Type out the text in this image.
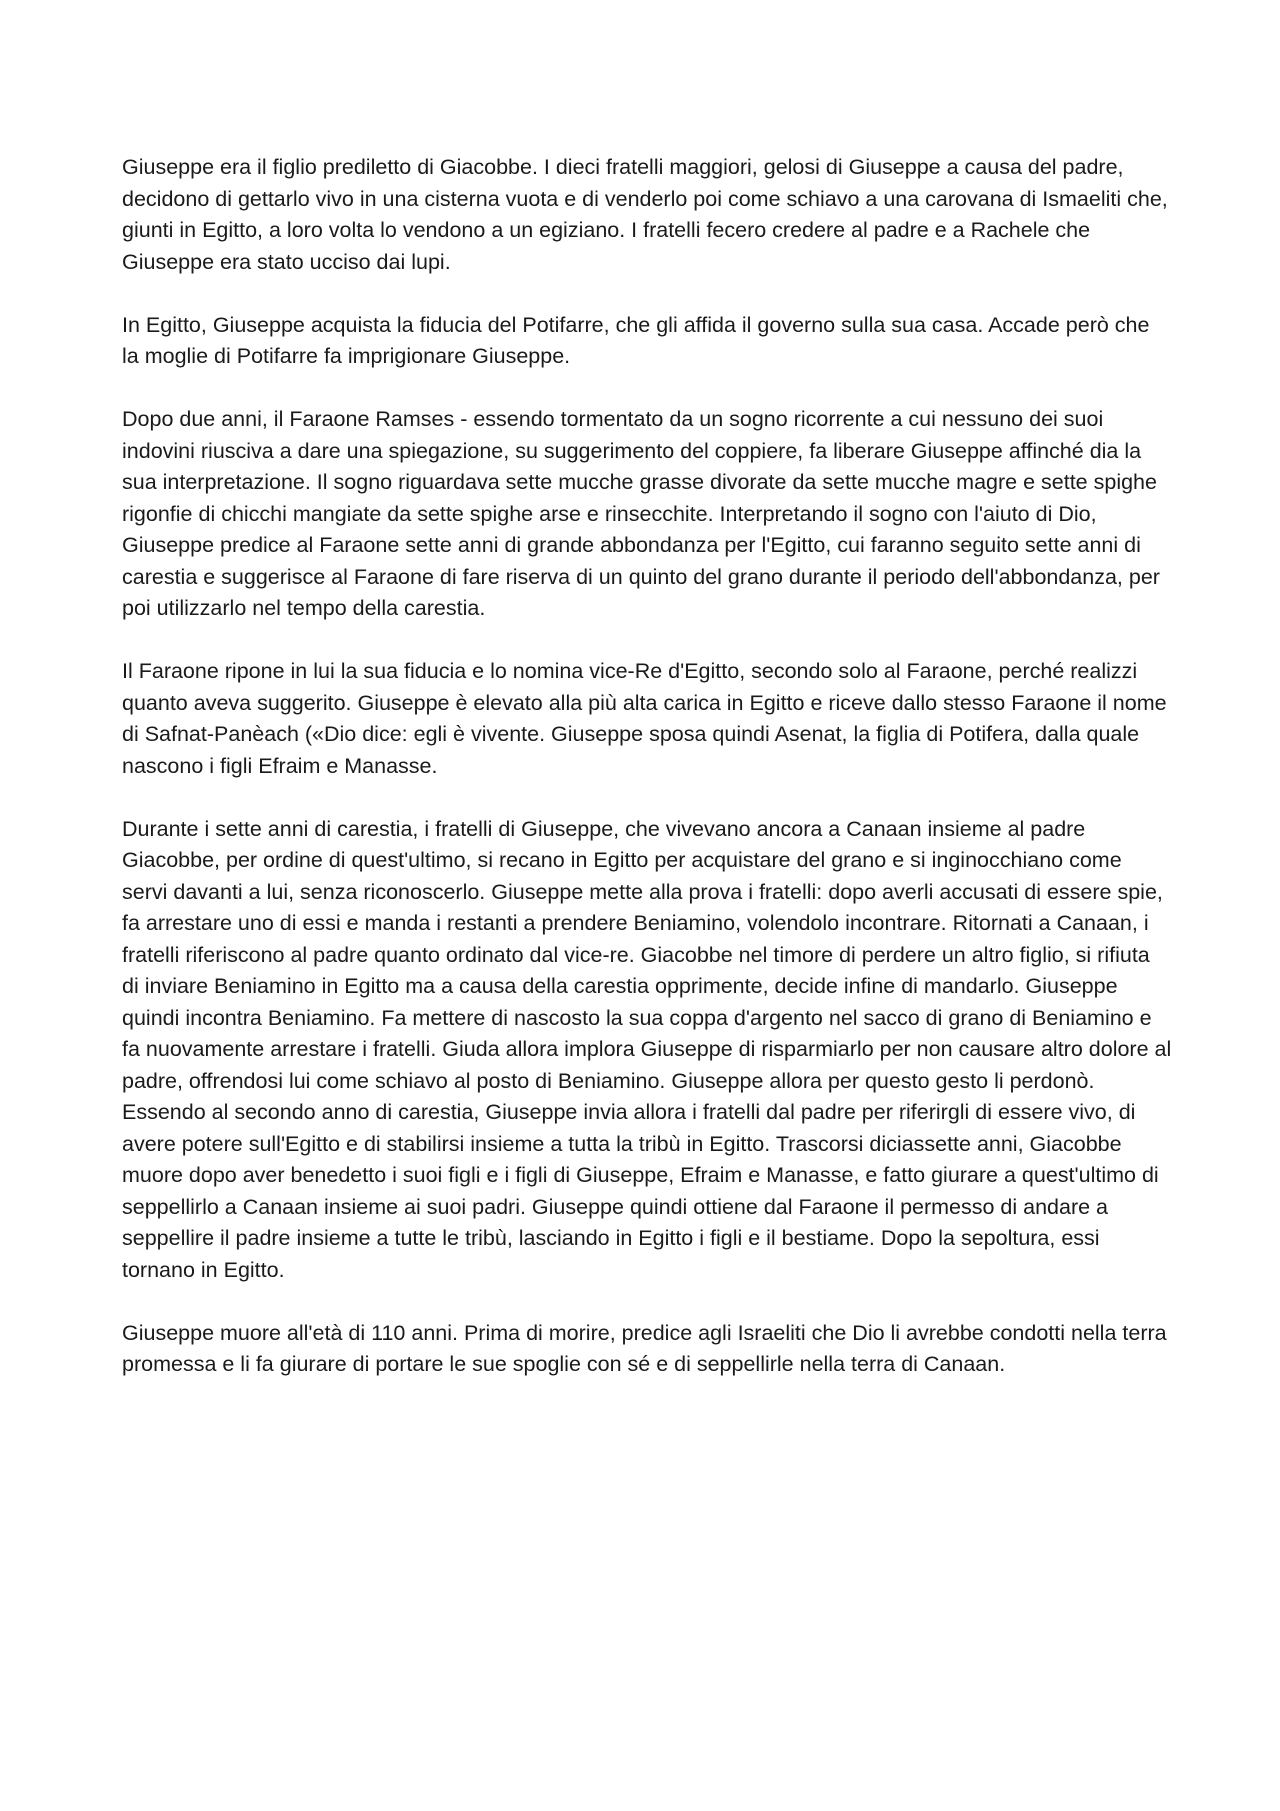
Giuseppe era il figlio prediletto di Giacobbe. I dieci fratelli maggiori, gelosi di Giuseppe a causa del padre, decidono di gettarlo vivo in una cisterna vuota e di venderlo poi come schiavo a una carovana di Ismaeliti che, giunti in Egitto, a loro volta lo vendono a un egiziano. I fratelli fecero credere al padre e a Rachele che Giuseppe era stato ucciso dai lupi.

In Egitto, Giuseppe acquista la fiducia del Potifarre, che gli affida il governo sulla sua casa. Accade però che la moglie di Potifarre fa imprigionare Giuseppe.

Dopo due anni, il Faraone Ramses - essendo tormentato da un sogno ricorrente a cui nessuno dei suoi indovini riusciva a dare una spiegazione, su suggerimento del coppiere, fa liberare Giuseppe affinché dia la sua interpretazione. Il sogno riguardava sette mucche grasse divorate da sette mucche magre e sette spighe rigonfie di chicchi mangiate da sette spighe arse e rinsecchite. Interpretando il sogno con l'aiuto di Dio, Giuseppe predice al Faraone sette anni di grande abbondanza per l'Egitto, cui faranno seguito sette anni di carestia e suggerisce al Faraone di fare riserva di un quinto del grano durante il periodo dell'abbondanza, per poi utilizzarlo nel tempo della carestia.

Il Faraone ripone in lui la sua fiducia e lo nomina vice-Re d'Egitto, secondo solo al Faraone, perché realizzi quanto aveva suggerito. Giuseppe è elevato alla più alta carica in Egitto e riceve dallo stesso Faraone il nome di Safnat-Panèach («Dio dice: egli è vivente. Giuseppe sposa quindi Asenat, la figlia di Potifera, dalla quale nascono i figli Efraim e Manasse.

Durante i sette anni di carestia, i fratelli di Giuseppe, che vivevano ancora a Canaan insieme al padre Giacobbe, per ordine di quest'ultimo, si recano in Egitto per acquistare del grano e si inginocchiano come servi davanti a lui, senza riconoscerlo. Giuseppe mette alla prova i fratelli: dopo averli accusati di essere spie, fa arrestare uno di essi e manda i restanti a prendere Beniamino, volendolo incontrare. Ritornati a Canaan, i fratelli riferiscono al padre quanto ordinato dal vice-re. Giacobbe nel timore di perdere un altro figlio, si rifiuta di inviare Beniamino in Egitto ma a causa della carestia opprimente, decide infine di mandarlo. Giuseppe quindi incontra Beniamino. Fa mettere di nascosto la sua coppa d'argento nel sacco di grano di Beniamino e fa nuovamente arrestare i fratelli. Giuda allora implora Giuseppe di risparmiarlo per non causare altro dolore al padre, offrendosi lui come schiavo al posto di Beniamino. Giuseppe allora per questo gesto li perdonò. Essendo al secondo anno di carestia, Giuseppe invia allora i fratelli dal padre per riferirgli di essere vivo, di avere potere sull'Egitto e di stabilirsi insieme a tutta la tribù in Egitto. Trascorsi diciassette anni, Giacobbe muore dopo aver benedetto i suoi figli e i figli di Giuseppe, Efraim e Manasse, e fatto giurare a quest'ultimo di seppellirlo a Canaan insieme ai suoi padri. Giuseppe quindi ottiene dal Faraone il permesso di andare a seppellire il padre insieme a tutte le tribù, lasciando in Egitto i figli e il bestiame. Dopo la sepoltura, essi tornano in Egitto.

Giuseppe muore all'età di 110 anni. Prima di morire, predice agli Israeliti che Dio li avrebbe condotti nella terra promessa e li fa giurare di portare le sue spoglie con sé e di seppellirle nella terra di Canaan.
